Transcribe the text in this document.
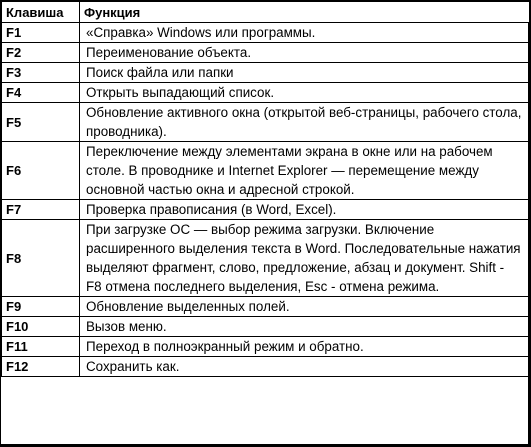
Клавиша	Функция
F1	«Справка» Windows или программы.
F2	Переименование объекта.
F3	Поиск файла или папки
F4	Открыть выпадающий список.
F5	Обновление активного окна (открытой веб-страницы, рабочего стола, проводника).
F6	Переключение между элементами экрана в окне или на рабочем столе. В проводнике и Internet Explorer — перемещение между основной частью окна и адресной строкой.
F7	Проверка правописания (в Word, Excel).
F8	При загрузке ОС — выбор режима загрузки. Включение расширенного выделения текста в Word. Последовательные нажатия выделяют фрагмент, слово, предложение, абзац и документ. Shift - F8 отмена последнего выделения, Esc - отмена режима.
F9	Обновление выделенных полей.
F10	Вызов меню.
F11	Переход в полноэкранный режим и обратно.
F12	Сохранить как.
